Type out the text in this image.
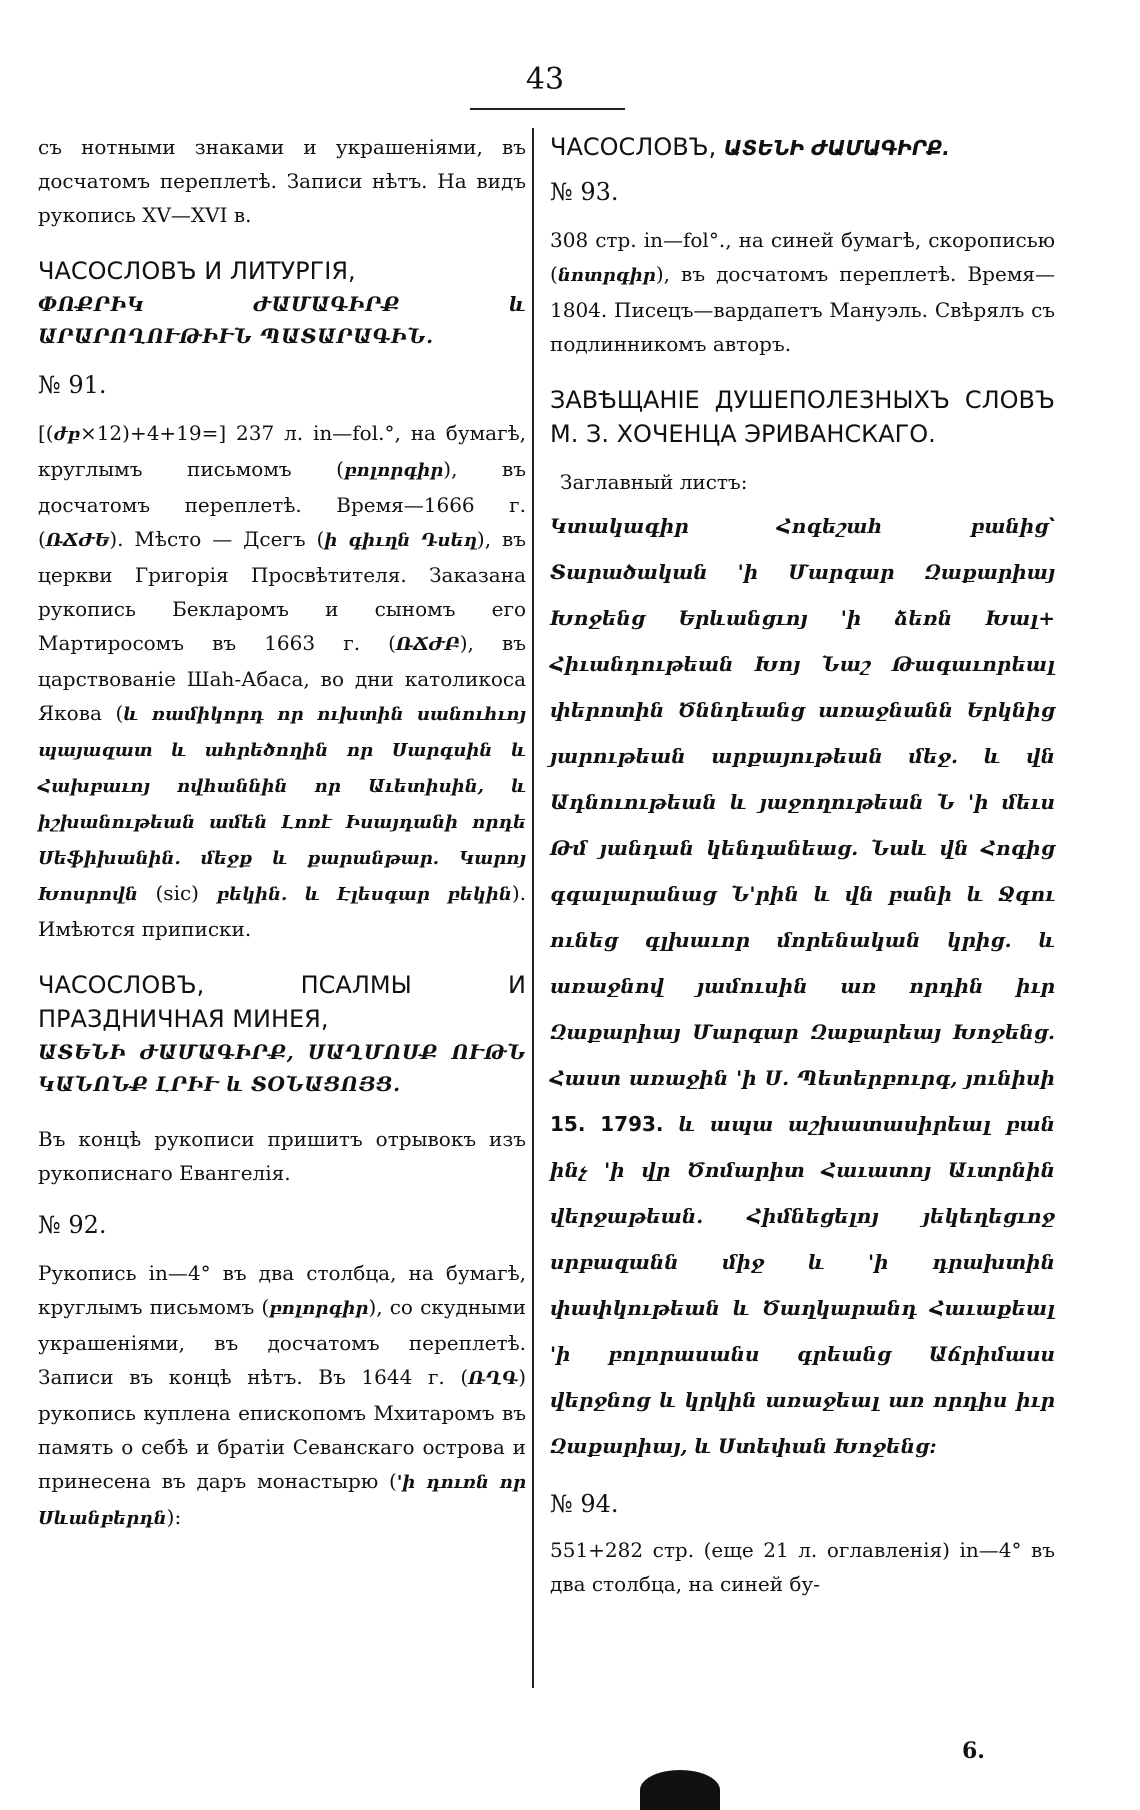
43

съ нотными знаками и украшеніями, въ досчатомъ переплетѣ. Записи нѣтъ. На видъ рукопись XV—XVI в.

ЧАСОСЛОВЪ И ЛИТУРГІЯ,

ՓՈՔՐԻԿ ԺԱՄԱԳԻՐՔ և ԱՐԱՐՈՂՈՒԹԻՒՆ ՊԱՏԱՐԱԳԻՆ.

№ 91.

[(ժբ×12)+4+19=] 237 л. in—fol.°, на бумагѣ, круглымъ письмомъ (բոլորգիր), въ досчатомъ переплетѣ. Время—1666 г. (ՌՃԺԵ). Мѣсто — Дсегъ (ի գիւղն Դսեղ), въ церкви Григорія Просвѣтителя. Заказана рукопись Бекларомъ и сыномъ его Мартиросомъ въ 1663 г. (ՌՃԺԲ), въ царствованіе Шаh-Абаса, во дни католикоса Якова (և ռամիկորդ որ ուխտին սանուհւոյ պայազատ և ահրեծողին որ Սարգսին և Հախբաւոյ ովհաննին որ Աւետիսին, և իշխանութեան ամեն Լոռէ Իսայդանի որդե Սեֆիխանին. մեջք և քարանթար. Կարոյ Խոսրովն (sic) բեկին. և Էլեսգար բեկին). Имѣются приписки.

ЧАСОСЛОВЪ, ПСАЛМЫ И ПРАЗДНИЧНАЯ МИНЕЯ,

ԱՏԵՆԻ ԺԱՄԱԳԻՐՔ, ՍԱՂՄՈՍՔ ՈՒԹՆ ԿԱՆՈՆՔ ԼՐԻՒ և ՏՕՆԱՑՈՅՑ.

Въ концѣ рукописи пришитъ отрывокъ изъ рукописнаго Евангелія.

№ 92.

Рукопись in—4° въ два столбца, на бумагѣ, круглымъ письмомъ (բոլորգիր), со скудными украшеніями, въ досчатомъ переплетѣ. Записи въ концѣ нѣтъ. Въ 1644 г. (ՌՂԳ) рукопись куплена епископомъ Мхитаромъ въ память о себѣ и братіи Севанскаго острова и принесена въ даръ монастырю ('ի դուռն որ Սևանբերդն):

ЧАСОСЛОВЪ, ԱՏԵՆԻ ԺԱՄԱԳԻՐՔ.

№ 93.

308 стр. in—fol°., на синей бумагѣ, скорописью (նոտրգիր), въ досчатомъ переплетѣ. Время—1804. Писецъ—вардапетъ Мануэль. Свѣрялъ съ подлинникомъ авторъ.

ЗАВѢЩАНІЕ ДУШЕПОЛЕЗНЫХЪ СЛОВЪ М. З. ХОЧЕНЦА ЭРИВАНСКАГО.

Заглавный листъ:

Կտակագիր Հոգեշահ բանից՝ Տարածական 'ի Մարգար Զաքարիայ Խոջենց Երևանցւոյ 'ի ձեռն Խալ+ Հիւանդութեան Խոյ Նաշ Թագաւորեալ փերոտին Ծննդեանց առաջնանն Երկնից յարութեան արքայութեան մեջ. և վն Ադնուութեան և յաջողութեան Ն 'ի մեւս Թմ յանդան կենդանեաց. Նաև վն Հոգից գգալարանաց Ն'րին և վն բանի և Ջգու ունեց գլխաւոր մորենական կրից. և առաջնով յամուսին առ որդին իւր Զաքարիայ Մարգար Զաքարեայ Խոջենց. Հաստ առաջին 'ի Ս. Պետերբուրգ, յունիսի 15. 1793. և ապա աշխատասիրեալ բան ինչ 'ի վր Ծոմարիտ Հաւատոյ Աւտրնին վերջաթեան. Հիմնեցելոյ յեկեղեցւոջ սրբազանն միջ և 'ի դրախտին փափկութեան և Ծաղկարանդ Հաւաքեալ 'ի բոլորասանս գրեանց Աճրիմասս վերջնոց և կրկին առաջեալ առ որդիս իւր Զաքարիայ, և Ստեփան Խոջենց:

№ 94.

551+282 стр. (еще 21 л. оглавленія) in—4° въ два столбца, на синей бу-

6.
